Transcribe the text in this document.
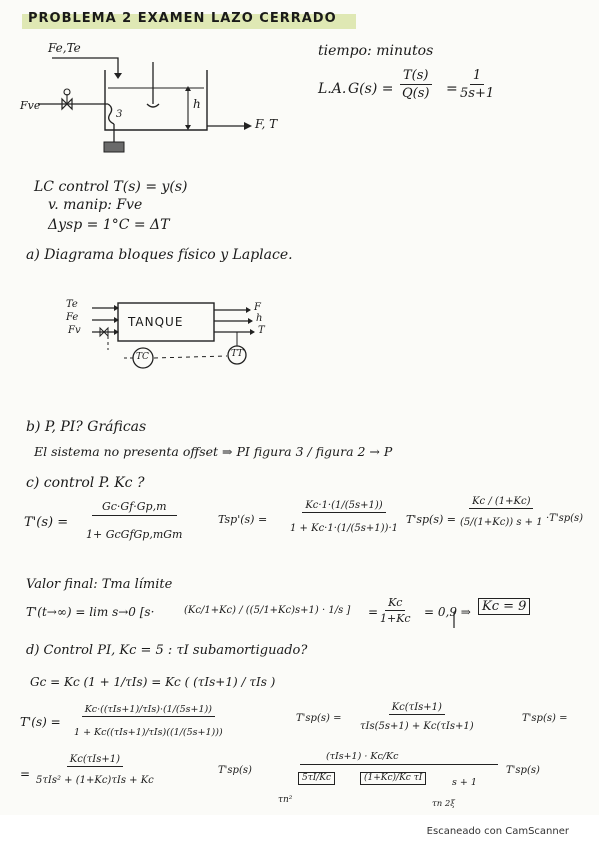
PROBLEMA 2 EXAMEN LAZO CERRADO
Fe,Te
Fve	h
F, T
3
tiempo: minutos
L.A. $G(s) = \frac{T(s)}{Q(s)} = \frac{1}{5s+1}$
LC control T(s) = y(s)
v. manip: Fve
Δysp = 1°C = ΔT
a) Diagrama bloques físico y Laplace.
TANQUE
Te
Fe
Fv
F
h
T
TC	TT
b) P, PI? Gráficas
El sistema no presenta offset ⇒ PI figura 3 / figura 2 → P
c) control P. Kc ?
T'(s) =
Gc·Gf·Gp,m
1+ GcGfGp,mGm
$Tsp'(s) = \frac{Kc\cdot 1\cdot(1/(5s+1))}{1 + Kc\cdot 1\cdot(1/(5s+1))\cdot 1} T'sp(s) = \frac{Kc / (1+Kc)}{(5/(1+Kc)) s + 1} \cdot T'sp(s)$
Valor final: Tma límite
T'(t→∞) = lim s→0 [s·	(Kc/1+Kc) / ((5/1+Kc)s+1) · 1/s ] = $\frac{Kc}{1+Kc} = 0,9$ ⇒ Kc = 9
d) Control PI, Kc = 5 : τI subamortiguado?
Gc = Kc (1 + 1/τIs) = Kc ( (τIs+1) / τIs )
T'(s) =
Kc·((τIs+1)/τIs)·(1/(5s+1))
1 + Kc((τIs+1)/τIs)((1/(5s+1)))
T'sp(s) =
Kc(τIs+1)
τIs(5s+1) + Kc(τIs+1)
T'sp(s) =
=
Kc(τIs+1)
5τIs² + (1+Kc)τIs + Kc
T'sp(s)
(τIs+1) · Kc/Kc
τn²
5τI/Kc	(1+Kc)/Kc τI	s + 1
τn 2ξ
T'sp(s)
Escaneado con CamScanner
